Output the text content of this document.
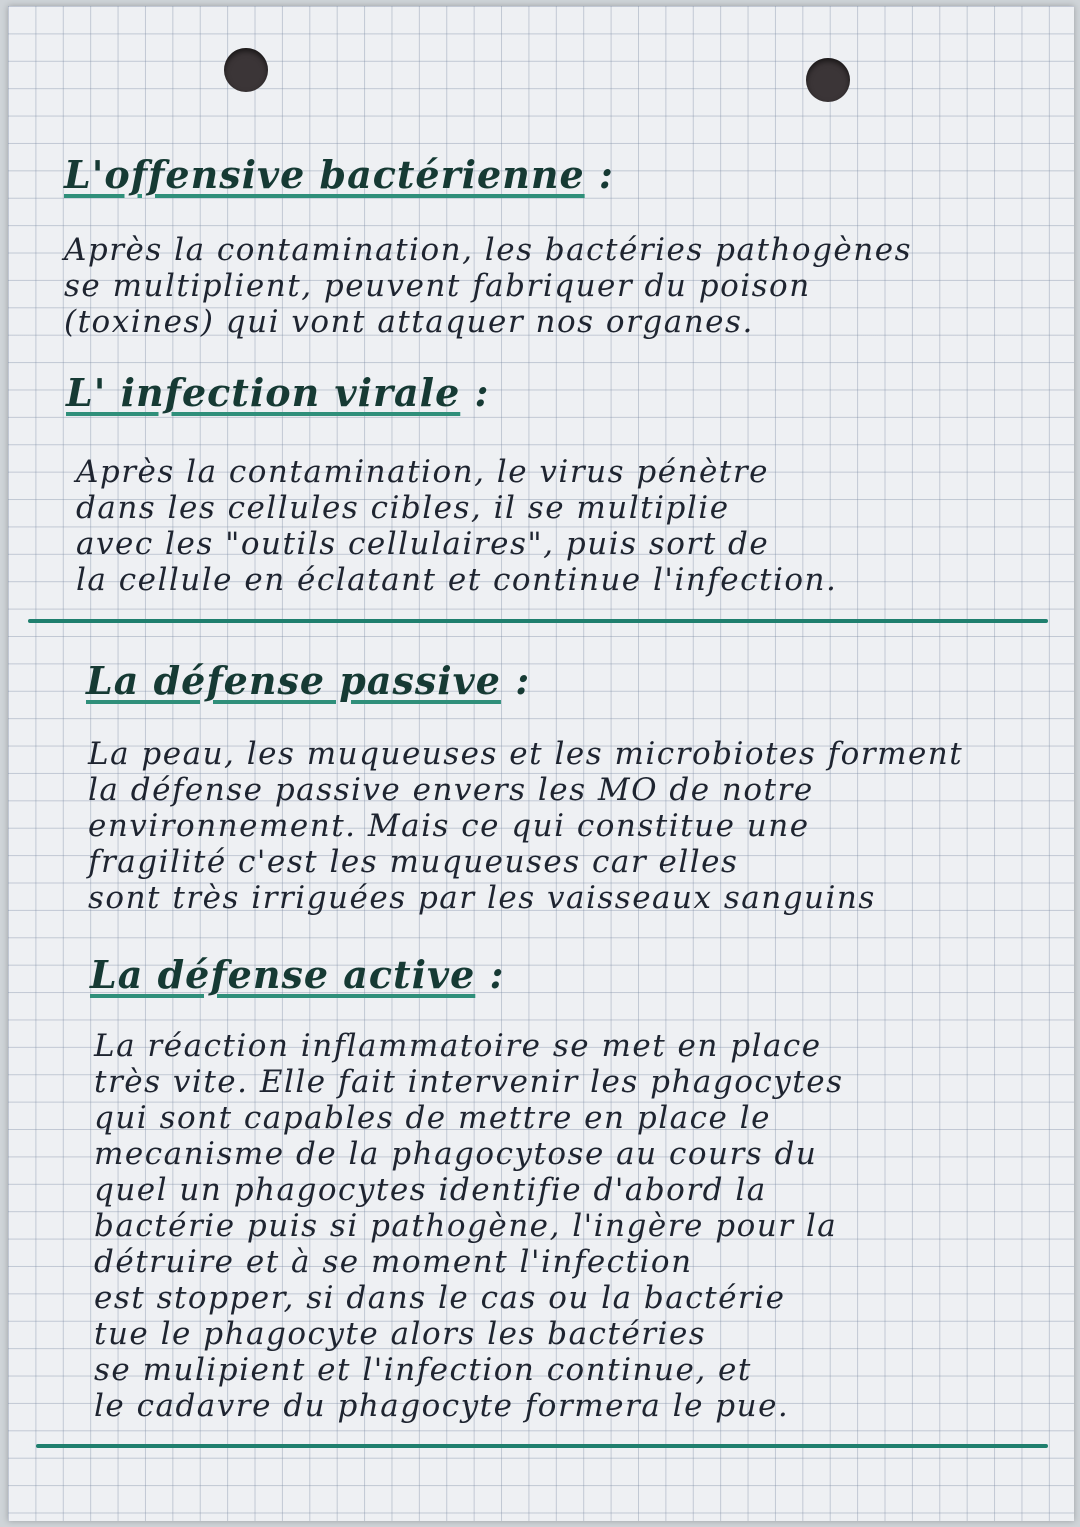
L'offensive bactérienne :
Après la contamination, les bactéries pathogènes
se multiplient, peuvent fabriquer du poison
(toxines) qui vont attaquer nos organes.
L' infection virale :
Après la contamination, le virus pénètre
dans les cellules cibles, il se multiplie
avec les "outils cellulaires", puis sort de
la cellule en éclatant et continue l'infection.
La défense passive :
La peau, les muqueuses et les microbiotes forment
la défense passive envers les MO de notre
environnement. Mais ce qui constitue une
fragilité c'est les muqueuses car elles
sont très irriguées par les vaisseaux sanguins
La défense active :
La réaction inflammatoire se met en place
très vite. Elle fait intervenir les phagocytes
qui sont capables de mettre en place le
mecanisme de la phagocytose au cours du
quel un phagocytes identifie d'abord la
bactérie puis si pathogène, l'ingère pour la
détruire et à se moment l'infection
est stopper, si dans le cas ou la bactérie
tue le phagocyte alors les bactéries
se mulipient et l'infection continue, et
le cadavre du phagocyte formera le pue.
